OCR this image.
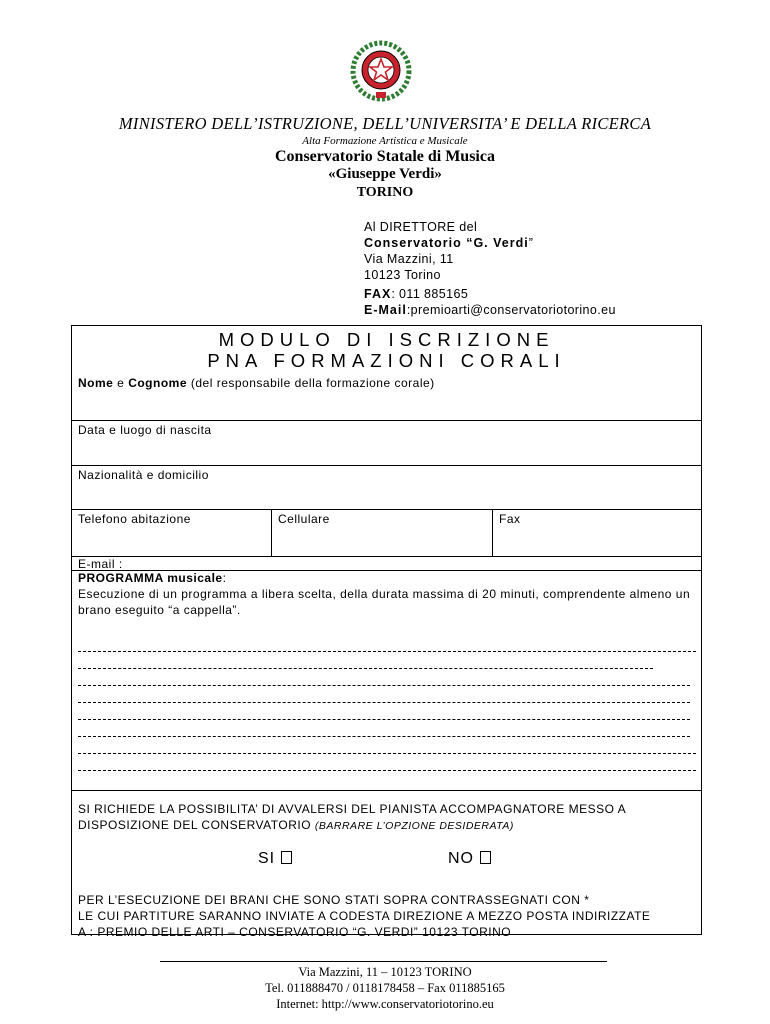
MINISTERO DELL’ISTRUZIONE, DELL’UNIVERSITA’ E DELLA RICERCA
Alta Formazione Artistica e Musicale
Conservatorio Statale di Musica
«Giuseppe Verdi»
TORINO
Al DIRETTORE del
Conservatorio “G. Verdi”
Via Mazzini, 11
10123 Torino
FAX: 011 885165
E-Mail:premioarti@conservatoriotorino.eu
MODULO DI ISCRIZIONE
PNA FORMAZIONI CORALI
Nome e Cognome (del responsabile della formazione corale)
Data e luogo di nascita
Nazionalità e domicilio
Telefono abitazione	Cellulare	Fax
E-mail :
PROGRAMMA musicale:
Esecuzione di un programma a libera scelta, della durata massima di 20 minuti, comprendente almeno un brano eseguito “a cappella”.
SI RICHIEDE LA POSSIBILITA’ DI AVVALERSI DEL PIANISTA ACCOMPAGNATORE MESSO A
DISPOSIZIONE DEL CONSERVATORIO (BARRARE L’OPZIONE DESIDERATA)
SI	NO
PER L’ESECUZIONE DEI BRANI CHE SONO STATI SOPRA CONTRASSEGNATI CON *
LE CUI PARTITURE SARANNO INVIATE A CODESTA DIREZIONE A MEZZO POSTA INDIRIZZATE
A : PREMIO DELLE ARTI – CONSERVATORIO “G. VERDI” 10123 TORINO
Via Mazzini, 11 – 10123 TORINO
Tel. 011888470 / 0118178458 – Fax 011885165
Internet: http://www.conservatoriotorino.eu
